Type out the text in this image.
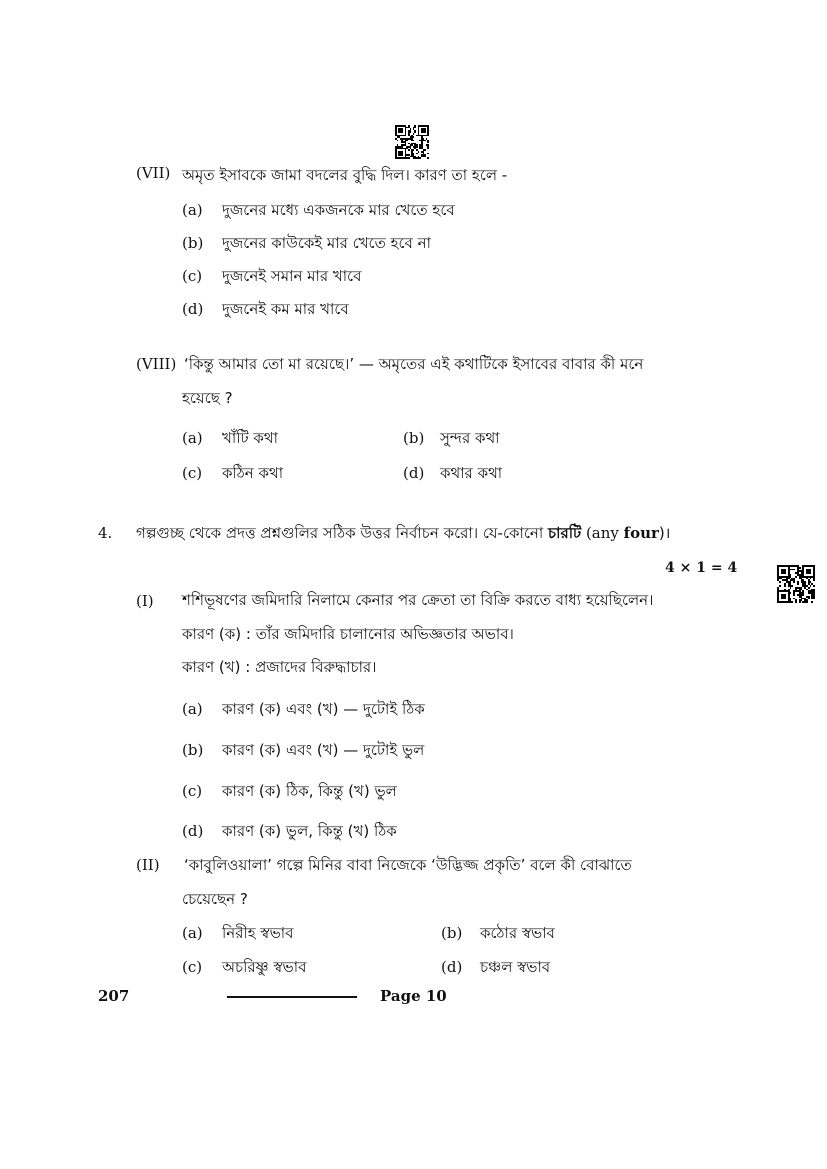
(VII) অমৃত ইসাবকে জামা বদলের বুদ্ধি দিল। কারণ তা হলে -
(a) দুজনের মধ্যে একজনকে মার খেতে হবে
(b) দুজনের কাউকেই মার খেতে হবে না
(c) দুজনেই সমান মার খাবে
(d) দুজনেই কম মার খাবে
(VIII) ‘কিন্তু আমার তো মা রয়েছে।’ — অমৃতের এই কথাটিকে ইসাবের বাবার কী মনে
হয়েছে ?
(a) খাঁটি কথা	(b) সুন্দর কথা
(c) কঠিন কথা	(d) কথার কথা
4. গল্পগুচ্ছ থেকে প্রদত্ত প্রশ্নগুলির সঠিক উত্তর নির্বাচন করো। যে-কোনো চারটি (any four)।
4 × 1 = 4
(I) শশিভূষণের জমিদারি নিলামে কেনার পর ক্রেতা তা বিক্রি করতে বাধ্য হয়েছিলেন।
কারণ (ক) : তাঁর জমিদারি চালানোর অভিজ্ঞতার অভাব।
কারণ (খ) : প্রজাদের বিরুদ্ধাচার।
(a) কারণ (ক) এবং (খ) — দুটোই ঠিক
(b) কারণ (ক) এবং (খ) — দুটোই ভুল
(c) কারণ (ক) ঠিক, কিন্তু (খ) ভুল
(d) কারণ (ক) ভুল, কিন্তু (খ) ঠিক
(II) ‘কাবুলিওয়ালা’ গল্পে মিনির বাবা নিজেকে ‘উদ্ভিজ্জ প্রকৃতি’ বলে কী বোঝাতে
চেয়েছেন ?
(a) নিরীহ স্বভাব	(b) কঠোর স্বভাব
(c) অচরিষ্ণু স্বভাব	(d) চঞ্চল স্বভাব
207	Page 10
